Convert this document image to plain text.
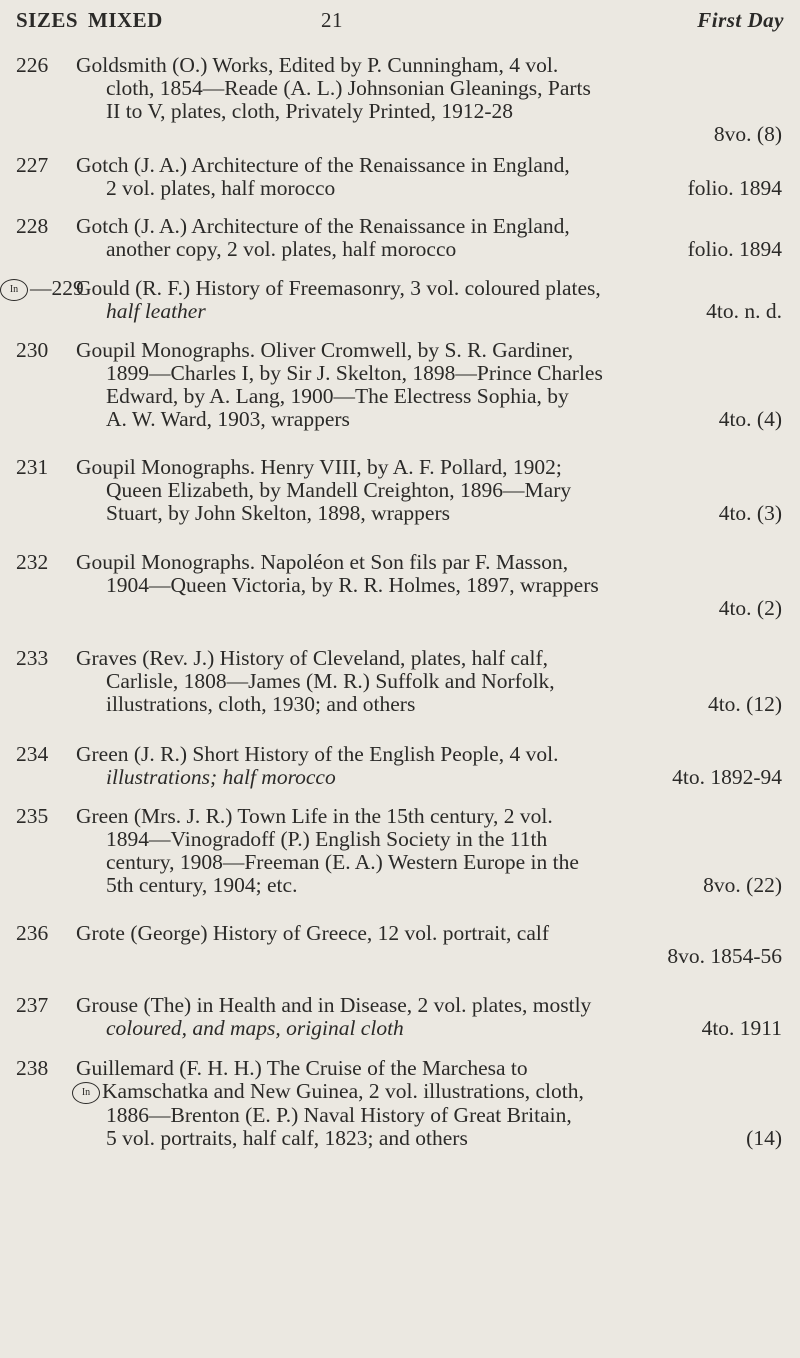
SIZES MIXED	21	First Day
226	Goldsmith (O.) Works, Edited by P. Cunningham, 4 vol.
cloth, 1854—Reade (A. L.) Johnsonian Gleanings, Parts
II to V, plates, cloth, Privately Printed, 1912-28
8vo. (8)
227	Gotch (J. A.) Architecture of the Renaissance in England,
2 vol. plates, half morocco	folio. 1894
228	Gotch (J. A.) Architecture of the Renaissance in England,
another copy, 2 vol. plates, half morocco	folio. 1894
In —229
Gould (R. F.) History of Freemasonry, 3 vol. coloured plates,
half leather	4to. n. d.
230	Goupil Monographs. Oliver Cromwell, by S. R. Gardiner,
1899—Charles I, by Sir J. Skelton, 1898—Prince Charles
Edward, by A. Lang, 1900—The Electress Sophia, by
A. W. Ward, 1903, wrappers	4to. (4)
231	Goupil Monographs. Henry VIII, by A. F. Pollard, 1902;
Queen Elizabeth, by Mandell Creighton, 1896—Mary
Stuart, by John Skelton, 1898, wrappers	4to. (3)
232	Goupil Monographs. Napoléon et Son fils par F. Masson,
1904—Queen Victoria, by R. R. Holmes, 1897, wrappers
4to. (2)
233	Graves (Rev. J.) History of Cleveland, plates, half calf,
Carlisle, 1808—James (M. R.) Suffolk and Norfolk,
illustrations, cloth, 1930; and others	4to. (12)
234	Green (J. R.) Short History of the English People, 4 vol.
illustrations; half morocco	4to. 1892-94
235	Green (Mrs. J. R.) Town Life in the 15th century, 2 vol.
1894—Vinogradoff (P.) English Society in the 11th
century, 1908—Freeman (E. A.) Western Europe in the
5th century, 1904; etc.	8vo. (22)
236	Grote (George) History of Greece, 12 vol. portrait, calf
8vo. 1854-56
237	Grouse (The) in Health and in Disease, 2 vol. plates, mostly
coloured, and maps, original cloth	4to. 1911
238	Guillemard (F. H. H.) The Cruise of the Marchesa to
In Kamschatka and New Guinea, 2 vol. illustrations, cloth,
1886—Brenton (E. P.) Naval History of Great Britain,
5 vol. portraits, half calf, 1823; and others	(14)
